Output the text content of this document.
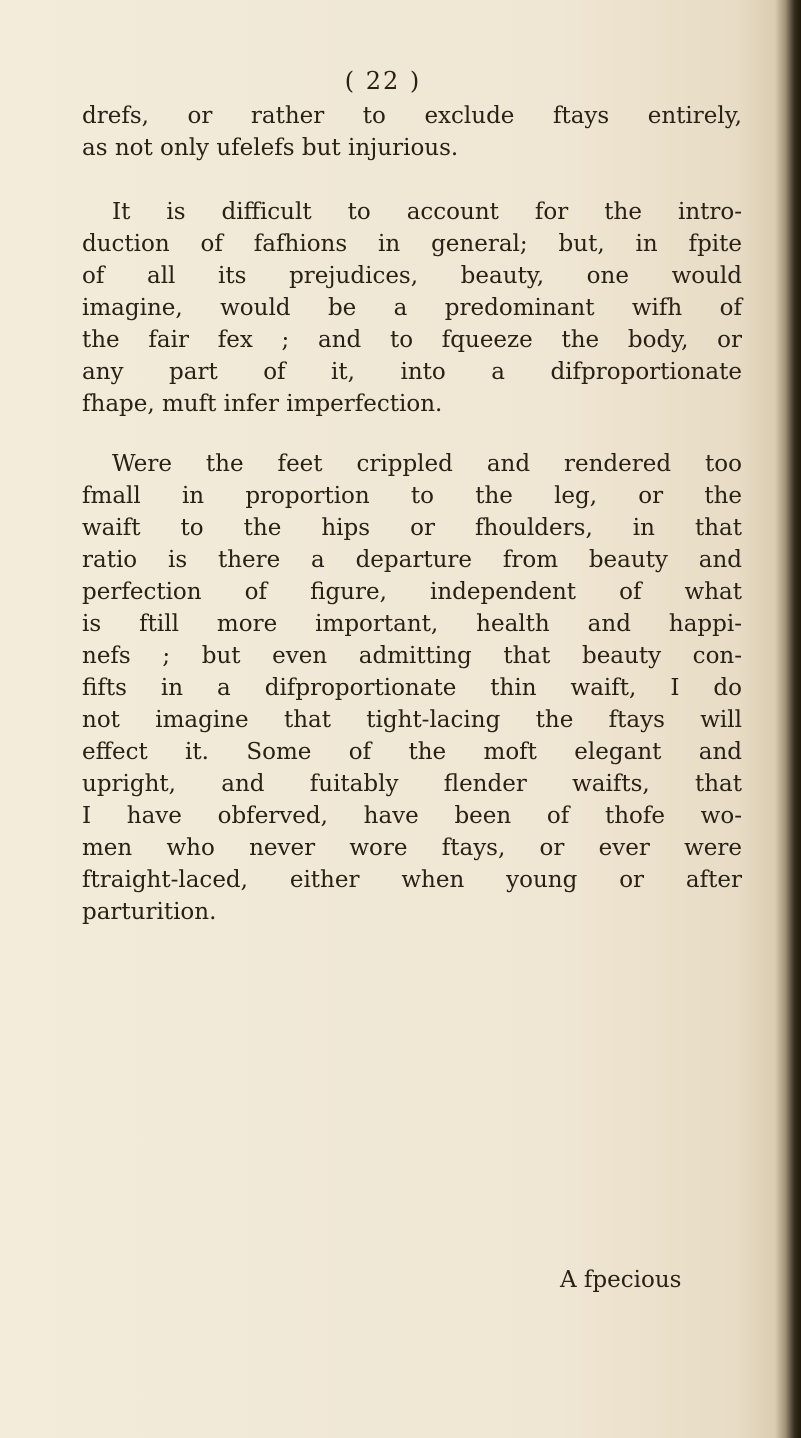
( 22 )

drefs, or rather to exclude ftays entirely,
as not only ufelefs but injurious.

It is difficult to account for the intro-
duction of fafhions in general; but, in fpite
of all its prejudices, beauty, one would
imagine, would be a predominant wifh of
the fair fex ; and to fqueeze the body, or
any part of it, into a difproportionate
fhape, muft infer imperfection.

Were the feet crippled and rendered too
fmall in proportion to the leg, or the
waift to the hips or fhoulders, in that
ratio is there a departure from beauty and
perfection of figure, independent of what
is ftill more important, health and happi-
nefs ; but even admitting that beauty con-
fifts in a difproportionate thin waift, I do
not imagine that tight-lacing the ftays will
effect it. Some of the moft elegant and
upright, and fuitably flender waifts, that
I have obferved, have been of thofe wo-
men who never wore ftays, or ever were
ftraight-laced, either when young or after
parturition.

A fpecious
